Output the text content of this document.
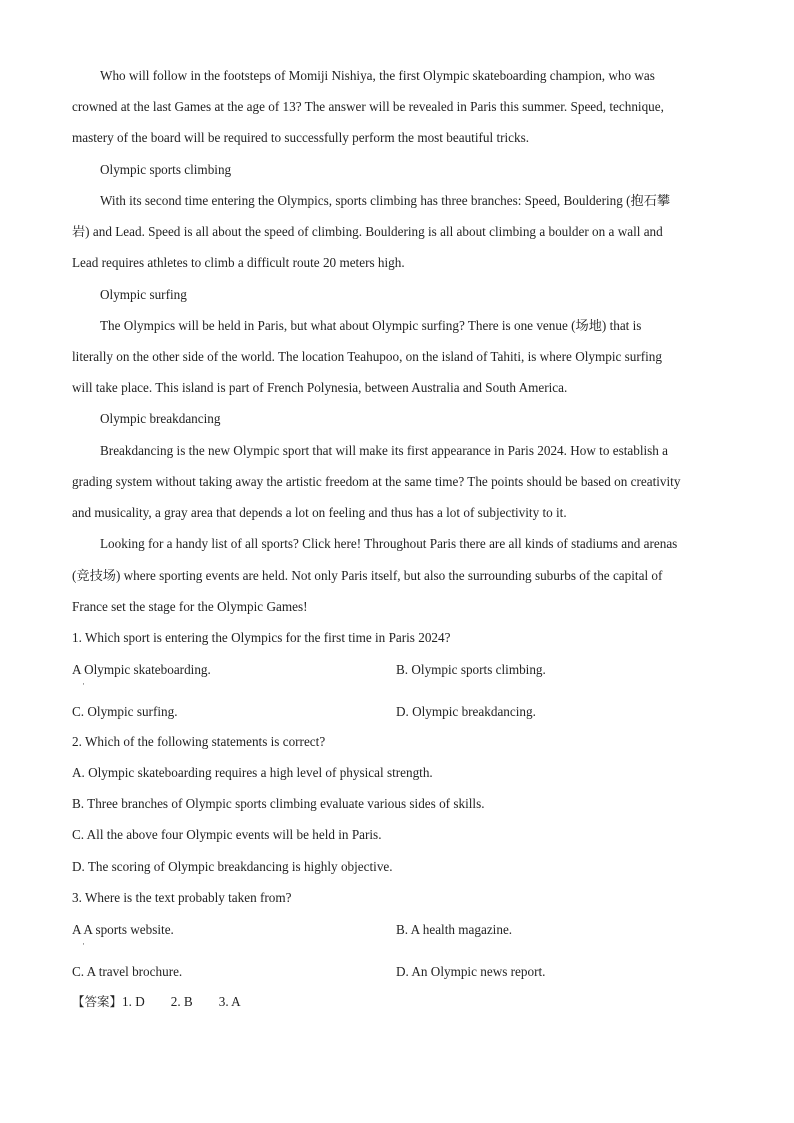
Who will follow in the footsteps of Momiji Nishiya, the first Olympic skateboarding champion, who was

crowned at the last Games at the age of 13? The answer will be revealed in Paris this summer. Speed, technique,

mastery of the board will be required to successfully perform the most beautiful tricks.

Olympic sports climbing

With its second time entering the Olympics, sports climbing has three branches: Speed, Bouldering (抱石攀

岩) and Lead. Speed is all about the speed of climbing. Bouldering is all about climbing a boulder on a wall and

Lead requires athletes to climb a difficult route 20 meters high.

Olympic surfing

The Olympics will be held in Paris, but what about Olympic surfing? There is one venue (场地) that is

literally on the other side of the world. The location Teahupoo, on the island of Tahiti, is where Olympic surfing

will take place. This island is part of French Polynesia, between Australia and South America.

Olympic breakdancing

Breakdancing is the new Olympic sport that will make its first appearance in Paris 2024. How to establish a

grading system without taking away the artistic freedom at the same time? The points should be based on creativity

and musicality, a gray area that depends a lot on feeling and thus has a lot of subjectivity to it.

Looking for a handy list of all sports? Click here! Throughout Paris there are all kinds of stadiums and arenas

(竞技场) where sporting events are held. Not only Paris itself, but also the surrounding suburbs of the capital of

France set the stage for the Olympic Games!

1. Which sport is entering the Olympics for the first time in Paris 2024?

A Olympic skateboarding.
·
B. Olympic sports climbing.
C. Olympic surfing.	D. Olympic breakdancing.

2. Which of the following statements is correct?

A. Olympic skateboarding requires a high level of physical strength.

B. Three branches of Olympic sports climbing evaluate various sides of skills.

C. All the above four Olympic events will be held in Paris.

D. The scoring of Olympic breakdancing is highly objective.

3. Where is the text probably taken from?

A A sports website.
·
B. A health magazine.
C. A travel brochure.	D. An Olympic news report.
【答案】1. D 2. B 3. A
